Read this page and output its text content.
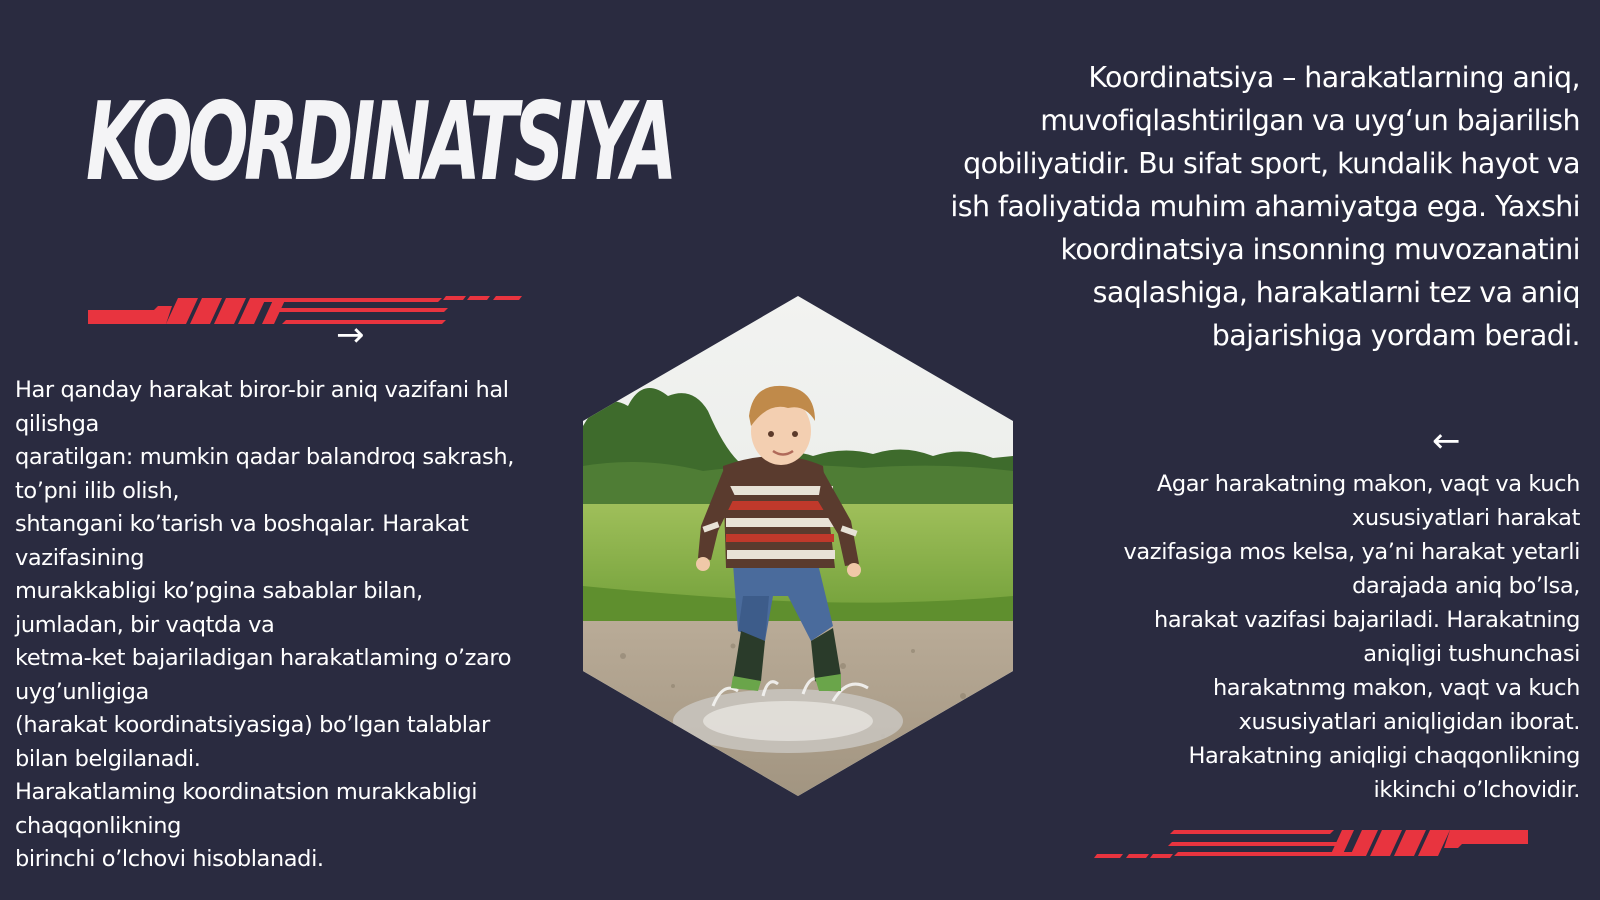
KOORDINATSIYA
Koordinatsiya – harakatlarning aniq,
muvofiqlashtirilgan va uyg‘un bajarilish
qobiliyatidir. Bu sifat sport, kundalik hayot va
ish faoliyatida muhim ahamiyatga ega. Yaxshi
koordinatsiya insonning muvozanatini
saqlashiga, harakatlarni tez va aniq
bajarishiga yordam beradi.
→
Har qanday harakat biror-bir aniq vazifani hal
qilishga
qaratilgan: mumkin qadar balandroq sakrash,
to’pni ilib olish,
shtangani ko’tarish va boshqalar. Harakat
vazifasining
murakkabligi ko’pgina sabablar bilan,
jumladan, bir vaqtda va
ketma-ket bajariladigan harakatlaming o’zaro
uyg’unligiga
(harakat koordinatsiyasiga) bo’lgan talablar
bilan belgilanadi.
Harakatlaming koordinatsion murakkabligi
chaqqonlikning
birinchi o’lchovi hisoblanadi.
←
Agar harakatning makon, vaqt va kuch
xususiyatlari harakat
vazifasiga mos kelsa, ya’ni harakat yetarli
darajada aniq bo’lsa,
harakat vazifasi bajariladi. Harakatning
aniqligi tushunchasi
harakatnmg makon, vaqt va kuch
xususiyatlari aniqligidan iborat.
Harakatning aniqligi chaqqonlikning
ikkinchi o’lchovidir.
